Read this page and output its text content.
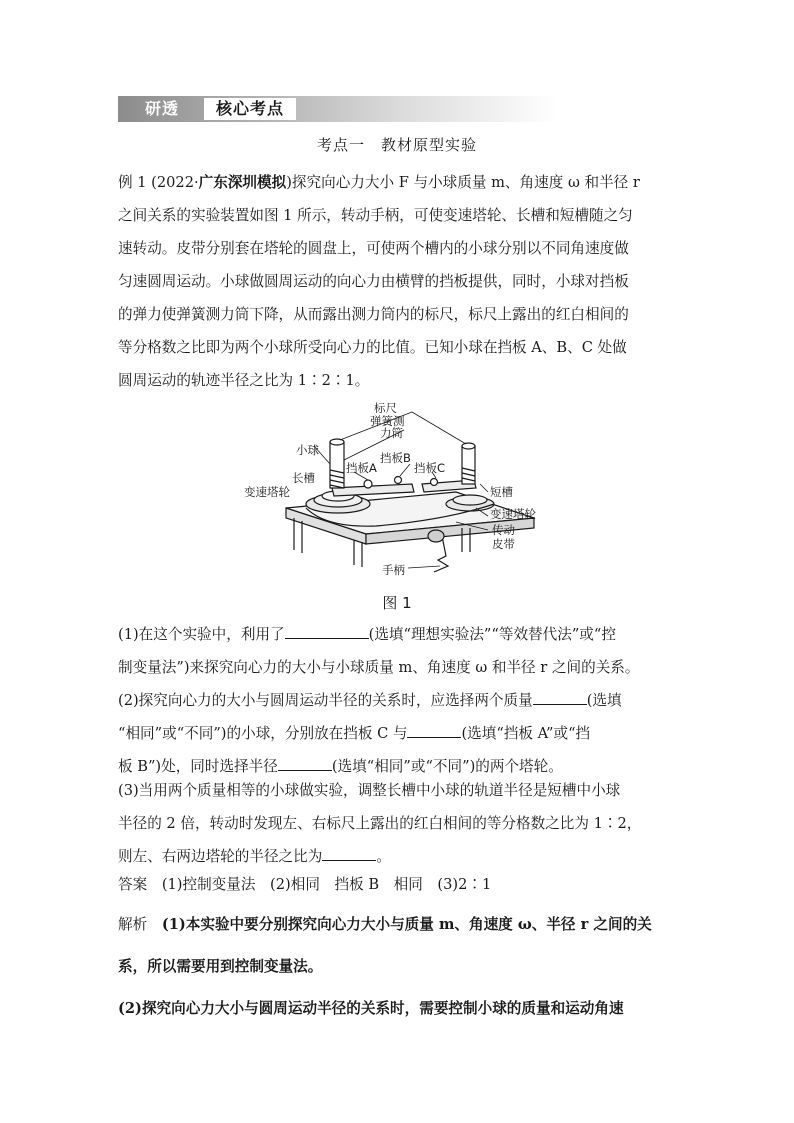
研透	核心考点
考点一　教材原型实验

例 1 (2022·广东深圳模拟)探究向心力大小 F 与小球质量 m、角速度 ω 和半径 r
之间关系的实验装置如图 1 所示，转动手柄，可使变速塔轮、长槽和短槽随之匀
速转动。皮带分别套在塔轮的圆盘上，可使两个槽内的小球分别以不同角速度做
匀速圆周运动。小球做圆周运动的向心力由横臂的挡板提供，同时，小球对挡板
的弹力使弹簧测力筒下降，从而露出测力筒内的标尺，标尺上露出的红白相间的
等分格数之比即为两个小球所受向心力的比值。已知小球在挡板 A、B、C 处做
圆周运动的轨迹半径之比为 1∶2∶1。

标尺
弹簧测
力筒
小球
挡板B
挡板A	挡板C
长槽
短槽
变速塔轮
变速塔轮
传动
皮带
手柄
图 1

(1)在这个实验中，利用了	(选填“理想实验法”“等效替代法”或“控
制变量法”)来探究向心力的大小与小球质量 m、角速度 ω 和半径 r 之间的关系。

(2)探究向心力的大小与圆周运动半径的关系时，应选择两个质量	(选填
“相同”或“不同”)的小球，分别放在挡板 C 与	(选填“挡板 A”或“挡
板 B”)处，同时选择半径	(选填“相同”或“不同”)的两个塔轮。

(3)当用两个质量相等的小球做实验，调整长槽中小球的轨道半径是短槽中小球
半径的 2 倍，转动时发现左、右标尺上露出的红白相间的等分格数之比为 1∶2，
则左、右两边塔轮的半径之比为	。

答案　 (1)控制变量法　(2)相同　挡板 B　相同　(3)2∶1

解析　 (1)本实验中要分别探究向心力大小与质量 m、角速度 ω、半径 r 之间的关
系，所以需要用到控制变量法。
(2)探究向心力大小与圆周运动半径的关系时，需要控制小球的质量和运动角速
